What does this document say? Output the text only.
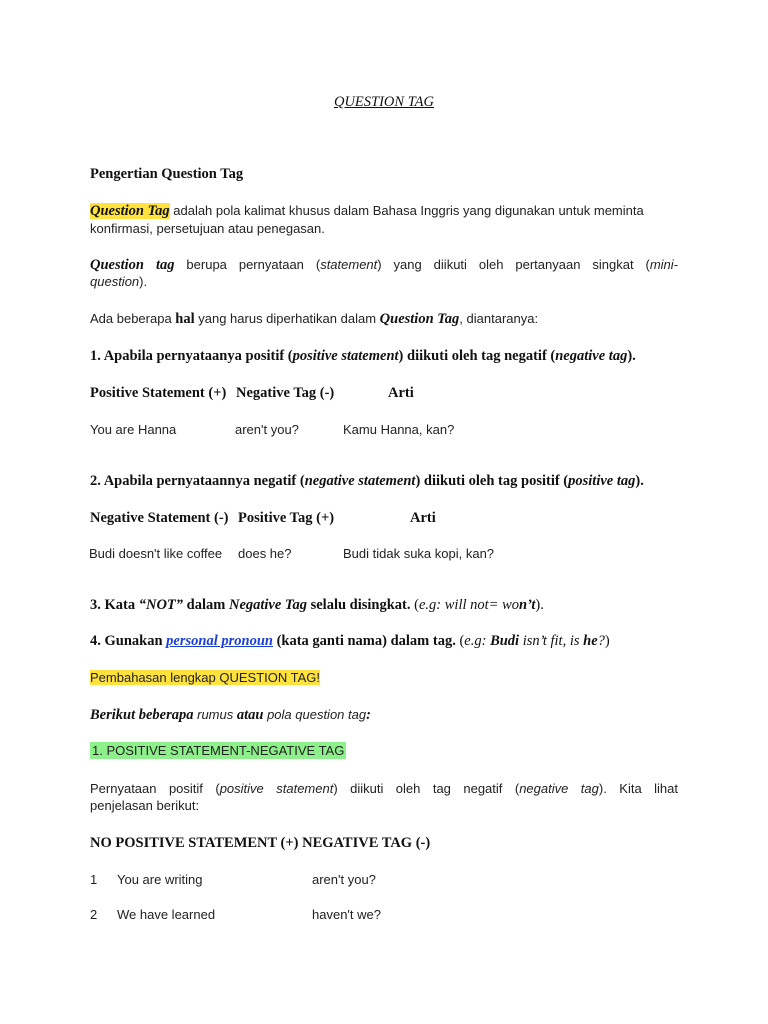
QUESTION TAG
Pengertian Question Tag
Question Tag adalah pola kalimat khusus dalam Bahasa Inggris yang digunakan untuk meminta
konfirmasi, persetujuan atau penegasan.
Question tag berupa pernyataan (statement) yang diikuti oleh pertanyaan singkat (mini-
question).
Ada beberapa hal yang harus diperhatikan dalam Question Tag, diantaranya:
1. Apabila pernyataanya positif (positive statement) diikuti oleh tag negatif (negative tag).
Positive Statement (+) Negative Tag (-)	Arti
You are Hanna	aren't you?	Kamu Hanna, kan?
2. Apabila pernyataannya negatif (negative statement) diikuti oleh tag positif (positive tag).
Negative Statement (-) Positive Tag (+)	Arti
Budi doesn't like coffee does he?	Budi tidak suka kopi, kan?
3. Kata “NOT” dalam Negative Tag selalu disingkat. (e.g: will not= won’t).
4. Gunakan personal pronoun (kata ganti nama) dalam tag. (e.g: Budi isn’t fit, is he?)
Pembahasan lengkap QUESTION TAG!
Berikut beberapa rumus atau pola question tag:
1. POSITIVE STATEMENT-NEGATIVE TAG
Pernyataan positif (positive statement) diikuti oleh tag negatif (negative tag). Kita lihat
penjelasan berikut:
NO POSITIVE STATEMENT (+) NEGATIVE TAG (-)
1 You are writing	aren't you?
2 We have learned	haven't we?
